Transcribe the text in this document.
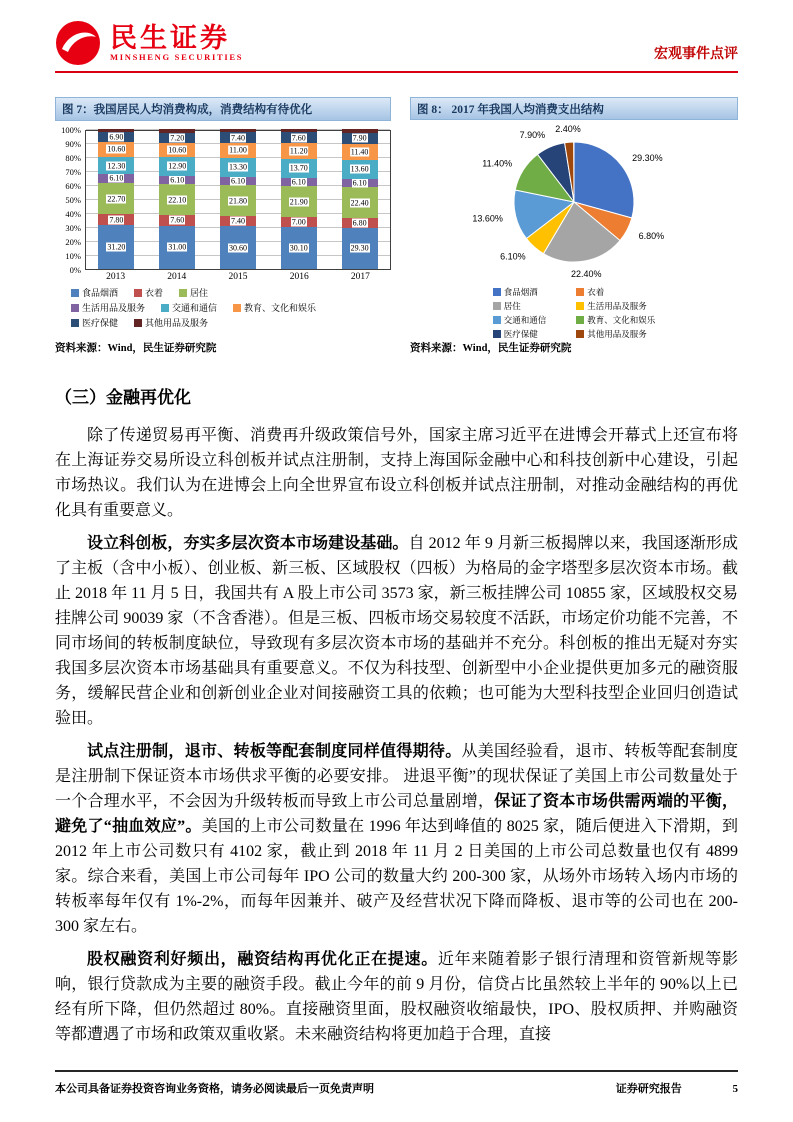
民生证券
MINSHENG SECURITIES	宏观事件点评
图 7：我国居民人均消费构成，消费结构有待优化
100%
90%
80%
70%
60%
50%
40%
30%
20%
10%
0%
31.20
7.80
22.70
6.10
12.30
10.60
6.90
31.00
7.60
22.10
6.10
12.90
10.60
7.20
30.60
7.40
21.80
6.10
13.30
11.00
7.40
30.10
7.00
21.90
6.10
13.70
11.20
7.60
29.30
6.80
22.40
6.10
13.60
11.40
7.90
2013	2014	2015	2016	2017
食品烟酒	衣着	居住
生活用品及服务	交通和通信	教育、文化和娱乐
医疗保健	其他用品及服务
资料来源：Wind，民生证券研究院
图 8： 2017 年我国人均消费支出结构
29.30%
6.80%
22.40%
6.10%
13.60%
11.40%
7.90%
2.40%
食品烟酒
居住
交通和通信
医疗保健
衣着
生活用品及服务
教育、文化和娱乐
其他用品及服务
资料来源：Wind，民生证券研究院
（三）金融再优化

除了传递贸易再平衡、消费再升级政策信号外，国家主席习近平在进博会开幕式上还宣布将在上海证券交易所设立科创板并试点注册制，支持上海国际金融中心和科技创新中心建设，引起市场热议。我们认为在进博会上向全世界宣布设立科创板并试点注册制，对推动金融结构的再优化具有重要意义。

设立科创板，夯实多层次资本市场建设基础。自 2012 年 9 月新三板揭牌以来，我国逐渐形成了主板（含中小板）、创业板、新三板、区域股权（四板）为格局的金字塔型多层次资本市场。截止 2018 年 11 月 5 日，我国共有 A 股上市公司 3573 家，新三板挂牌公司 10855 家，区域股权交易挂牌公司 90039 家（不含香港）。但是三板、四板市场交易较度不活跃，市场定价功能不完善，不同市场间的转板制度缺位，导致现有多层次资本市场的基础并不充分。科创板的推出无疑对夯实我国多层次资本市场基础具有重要意义。不仅为科技型、创新型中小企业提供更加多元的融资服务，缓解民营企业和创新创业企业对间接融资工具的依赖；也可能为大型科技型企业回归创造试验田。

试点注册制，退市、转板等配套制度同样值得期待。从美国经验看，退市、转板等配套制度是注册制下保证资本市场供求平衡的必要安排。 进退平衡”的现状保证了美国上市公司数量处于一个合理水平，不会因为升级转板而导致上市公司总量剧增，保证了资本市场供需两端的平衡，避免了“抽血效应”。美国的上市公司数量在 1996 年达到峰值的 8025 家，随后便进入下滑期，到 2012 年上市公司数只有 4102 家，截止到 2018 年 11 月 2 日美国的上市公司总数量也仅有 4899 家。综合来看，美国上市公司每年 IPO 公司的数量大约 200-300 家，从场外市场转入场内市场的转板率每年仅有 1%-2%，而每年因兼并、破产及经营状况下降而降板、退市等的公司也在 200-300 家左右。

股权融资利好频出，融资结构再优化正在提速。近年来随着影子银行清理和资管新规等影响，银行贷款成为主要的融资手段。截止今年的前 9 月份，信贷占比虽然较上半年的 90%以上已经有所下降，但仍然超过 80%。直接融资里面，股权融资收缩最快，IPO、股权质押、并购融资等都遭遇了市场和政策双重收紧。未来融资结构将更加趋于合理，直接

本公司具备证券投资咨询业务资格，请务必阅读最后一页免责声明	证券研究报告	5
